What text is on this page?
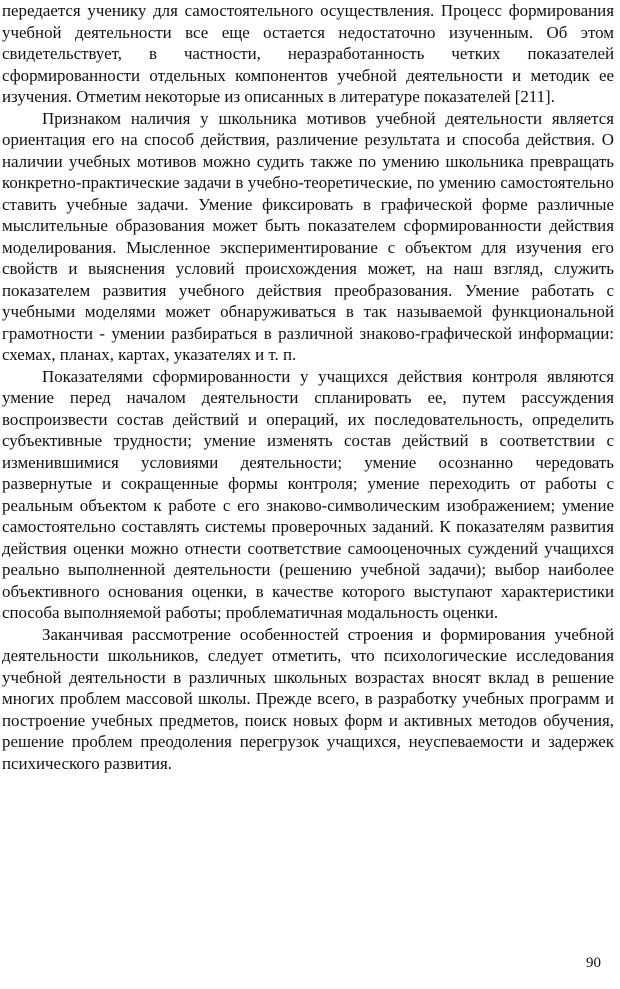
передается ученику для самостоятельного осуществления. Процесс формирования учебной деятельности все еще остается недостаточно изученным. Об этом свидетельствует, в частности, неразработанность четких показателей сформированности отдельных компонентов учебной деятельности и методик ее изучения. Отметим некоторые из описанных в литературе показателей [211].

Признаком наличия у школьника мотивов учебной деятельности является ориентация его на способ действия, различение результата и способа действия. О наличии учебных мотивов можно судить также по умению школьника превращать конкретно-практические задачи в учебно-теоретические, по умению самостоятельно ставить учебные задачи. Умение фиксировать в графической форме различные мыслительные образования может быть показателем сформированности действия моделирования. Мысленное экспериментирование с объектом для изучения его свойств и выяснения условий происхождения может, на наш взгляд, служить показателем развития учебного действия преобразования. Умение работать с учебными моделями может обнаруживаться в так называемой функциональной грамотности - умении разбираться в различной знаково-графической информации: схемах, планах, картах, указателях и т. п.

Показателями сформированности у учащихся действия контроля являются умение перед началом деятельности спланировать ее, путем рассуждения воспроизвести состав действий и операций, их последовательность, определить субъективные трудности; умение изменять состав действий в соответствии с изменившимися условиями деятельности; умение осознанно чередовать развернутые и сокращенные формы контроля; умение переходить от работы с реальным объектом к работе с его знаково-символическим изображением; умение самостоятельно составлять системы проверочных заданий. К показателям развития действия оценки можно отнести соответствие самооценочных суждений учащихся реально выполненной деятельности (решению учебной задачи); выбор наиболее объективного основания оценки, в качестве которого выступают характеристики способа выполняемой работы; проблематичная модальность оценки.

Заканчивая рассмотрение особенностей строения и формирования учебной деятельности школьников, следует отметить, что психологические исследования учебной деятельности в различных школьных возрастах вносят вклад в решение многих проблем массовой школы. Прежде всего, в разработку учебных программ и построение учебных предметов, поиск новых форм и активных методов обучения, решение проблем преодоления перегрузок учащихся, неуспеваемости и задержек психического развития.

90
